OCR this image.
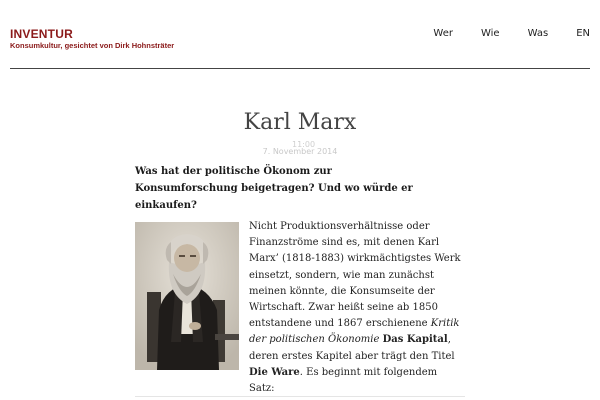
INVENTUR
Konsumkultur, gesichtet von Dirk Hohnsträter
Wer	Wie	Was	EN
Karl Marx
7. November 2014
11:00
Was hat der politische Ökonom zur Konsumforschung beigetragen? Und wo würde er einkaufen?

Nicht Produktionsverhältnisse oder Finanzströme sind es, mit denen Karl Marx’ (1818-1883) wirkmächtigstes Werk einsetzt, sondern, wie man zunächst meinen könnte, die Konsumseite der Wirtschaft. Zwar heißt seine ab 1850 entstandene und 1867 erschienene Kritik der politischen Ökonomie Das Kapital, deren erstes Kapitel aber trägt den Titel Die Ware. Es beginnt mit folgendem Satz:
